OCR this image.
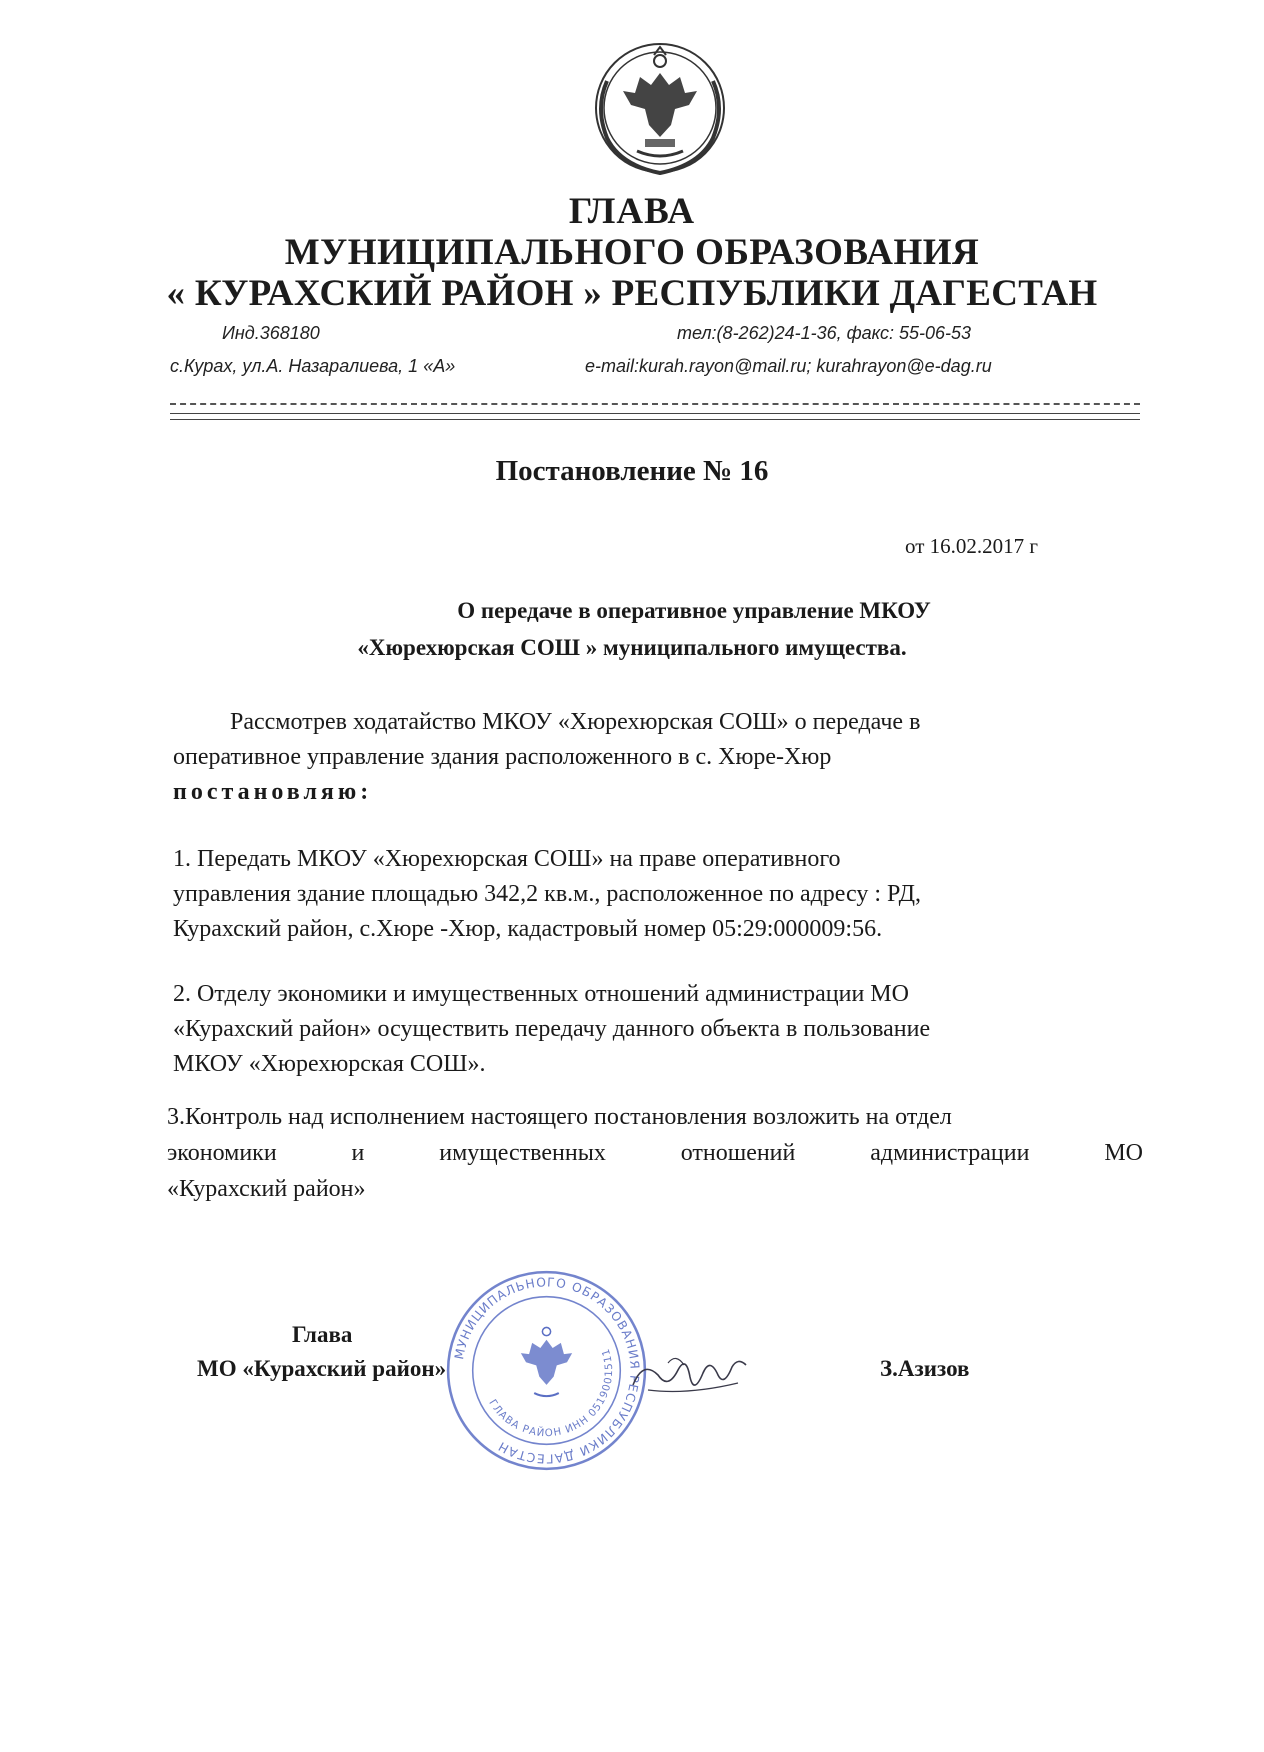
ГЛАВА
МУНИЦИПАЛЬНОГО ОБРАЗОВАНИЯ
« КУРАХСКИЙ РАЙОН » РЕСПУБЛИКИ ДАГЕСТАН
Инд.368180	тел:(8-262)24-1-36, факс: 55-06-53
с.Курах, ул.А. Назаралиева, 1 «А»	e-mail:kurah.rayon@mail.ru; kurahrayon@e-dag.ru
Постановление № 16
от 16.02.2017 г
О передаче в оперативное управление МКОУ
«Хюрехюрская СОШ » муниципального имущества.
Рассмотрев ходатайство МКОУ «Хюрехюрская СОШ» о передаче в
оперативное управление здания расположенного в с. Хюре-Хюр
постановляю:
1. Передать МКОУ «Хюрехюрская СОШ» на праве оперативного
управления здание площадью 342,2 кв.м., расположенное по адресу : РД,
Курахский район, с.Хюре -Хюр, кадастровый номер 05:29:000009:56.
2. Отделу экономики и имущественных отношений администрации МО
«Курахский район» осуществить передачу данного объекта в пользование
МКОУ «Хюрехюрская СОШ».
3.Контроль над исполнением настоящего постановления возложить на отдел
экономики и имущественных отношений администрации МО
«Курахский район»
Глава
МО «Курахский район»	З.Азизов
МУНИЦИПАЛЬНОГО ОБРАЗОВАНИЯ РЕСПУБЛИКИ ДАГЕСТАН
ГЛАВА РАЙОН ИНН 0519001511
